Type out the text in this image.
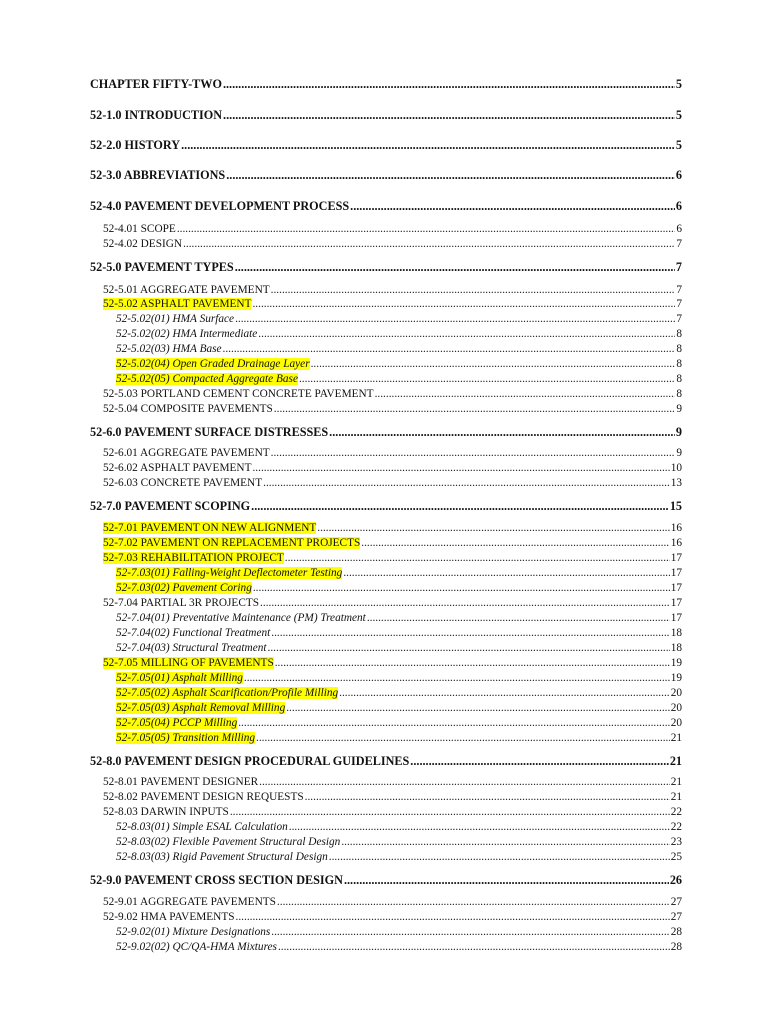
CHAPTER FIFTY-TWO .....	5
52-1.0 INTRODUCTION .....	5
52-2.0 HISTORY .....	5
52-3.0 ABBREVIATIONS .....	6
52-4.0 PAVEMENT DEVELOPMENT PROCESS .....	6
52-4.01 SCOPE .....	6
52-4.02 DESIGN .....	7
52-5.0 PAVEMENT TYPES .....	7
52-5.01 AGGREGATE PAVEMENT .....	7
52-5.02 ASPHALT PAVEMENT .....	7
52-5.02(01) HMA Surface .....	7
52-5.02(02) HMA Intermediate .....	8
52-5.02(03) HMA Base .....	8
52-5.02(04) Open Graded Drainage Layer .....	8
52-5.02(05) Compacted Aggregate Base .....	8
52-5.03 PORTLAND CEMENT CONCRETE PAVEMENT .....	8
52-5.04 COMPOSITE PAVEMENTS .....	9
52-6.0 PAVEMENT SURFACE DISTRESSES .....	9
52-6.01 AGGREGATE PAVEMENT .....	9
52-6.02 ASPHALT PAVEMENT .....	10
52-6.03 CONCRETE PAVEMENT .....	13
52-7.0 PAVEMENT SCOPING .....	15
52-7.01 PAVEMENT ON NEW ALIGNMENT .....	16
52-7.02 PAVEMENT ON REPLACEMENT PROJECTS .....	16
52-7.03 REHABILITATION PROJECT .....	17
52-7.03(01) Falling-Weight Deflectometer Testing .....	17
52-7.03(02) Pavement Coring .....	17
52-7.04 PARTIAL 3R PROJECTS .....	17
52-7.04(01) Preventative Maintenance (PM) Treatment .....	17
52-7.04(02) Functional Treatment .....	18
52-7.04(03) Structural Treatment .....	18
52-7.05 MILLING OF PAVEMENTS .....	19
52-7.05(01) Asphalt Milling .....	19
52-7.05(02) Asphalt Scarification/Profile Milling .....	20
52-7.05(03) Asphalt Removal Milling .....	20
52-7.05(04) PCCP Milling .....	20
52-7.05(05) Transition Milling .....	21
52-8.0 PAVEMENT DESIGN PROCEDURAL GUIDELINES .....	21
52-8.01 PAVEMENT DESIGNER .....	21
52-8.02 PAVEMENT DESIGN REQUESTS .....	21
52-8.03 DARWIN INPUTS .....	22
52-8.03(01) Simple ESAL Calculation .....	22
52-8.03(02) Flexible Pavement Structural Design .....	23
52-8.03(03) Rigid Pavement Structural Design .....	25
52-9.0 PAVEMENT CROSS SECTION DESIGN .....	26
52-9.01 AGGREGATE PAVEMENTS .....	27
52-9.02 HMA PAVEMENTS .....	27
52-9.02(01) Mixture Designations .....	28
52-9.02(02) QC/QA-HMA Mixtures .....	28
